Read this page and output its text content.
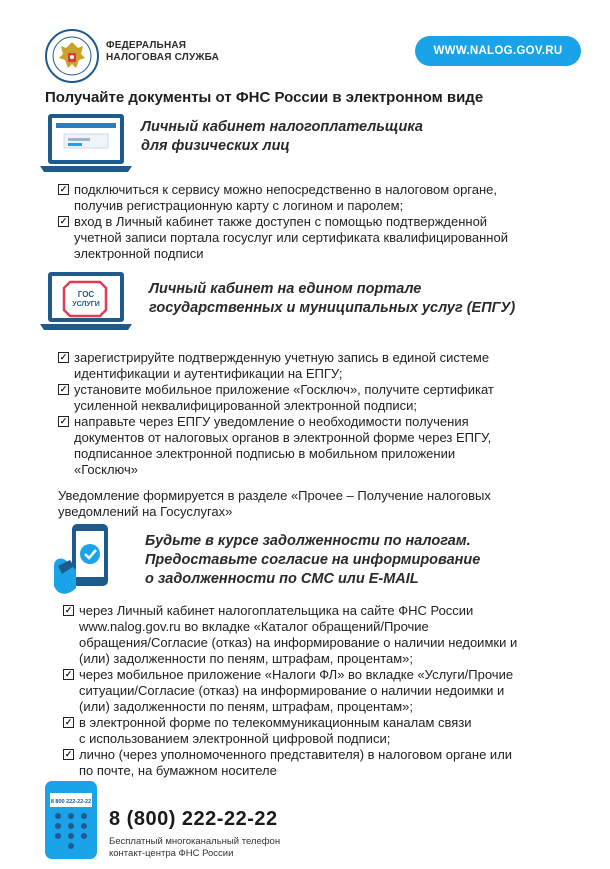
ФЕДЕРАЛЬНАЯ
НАЛОГОВАЯ СЛУЖБА
WWW.NALOG.GOV.RU
Получайте документы от ФНС России в электронном виде
Личный кабинет налогоплательщика
для физических лиц
✓ подключиться к сервису можно непосредственно в налоговом органе,
получив регистрационную карту с логином и паролем;
✓ вход в Личный кабинет также доступен с помощью подтвержденной
учетной записи портала госуслуг или сертификата квалифицированной
электронной подписи
ГОС
УСЛУГИ
Личный кабинет на едином портале
государственных и муниципальных услуг (ЕПГУ)
✓ зарегистрируйте подтвержденную учетную запись в единой системе
идентификации и аутентификации на ЕПГУ;
✓ установите мобильное приложение «Госключ», получите сертификат
усиленной неквалифицированной электронной подписи;
✓ направьте через ЕПГУ уведомление о необходимости получения
документов от налоговых органов в электронной форме через ЕПГУ,
подписанное электронной подписью в мобильном приложении
«Госключ»
Уведомление формируется в разделе «Прочее – Получение налоговых
уведомлений на Госуслугах»
Будьте в курсе задолженности по налогам.
Предоставьте согласие на информирование
о задолженности по СМС или E-MAIL
✓ через Личный кабинет налогоплательщика на сайте ФНС России
www.nalog.gov.ru во вкладке «Каталог обращений/Прочие
обращения/Согласие (отказ) на информирование о наличии недоимки и
(или) задолженности по пеням, штрафам, процентам»;
✓ через мобильное приложение «Налоги ФЛ» во вкладке «Услуги/Прочие
ситуации/Согласие (отказ) на информирование о наличии недоимки и
(или) задолженности по пеням, штрафам, процентам»;
✓ в электронной форме по телекоммуникационным каналам связи
с использованием электронной цифровой подписи;
✓ лично (через уполномоченного представителя) в налоговом органе или
по почте, на бумажном носителе
8 800 222-22-22
8 (800) 222-22-22
Бесплатный многоканальный телефон
контакт-центра ФНС России
